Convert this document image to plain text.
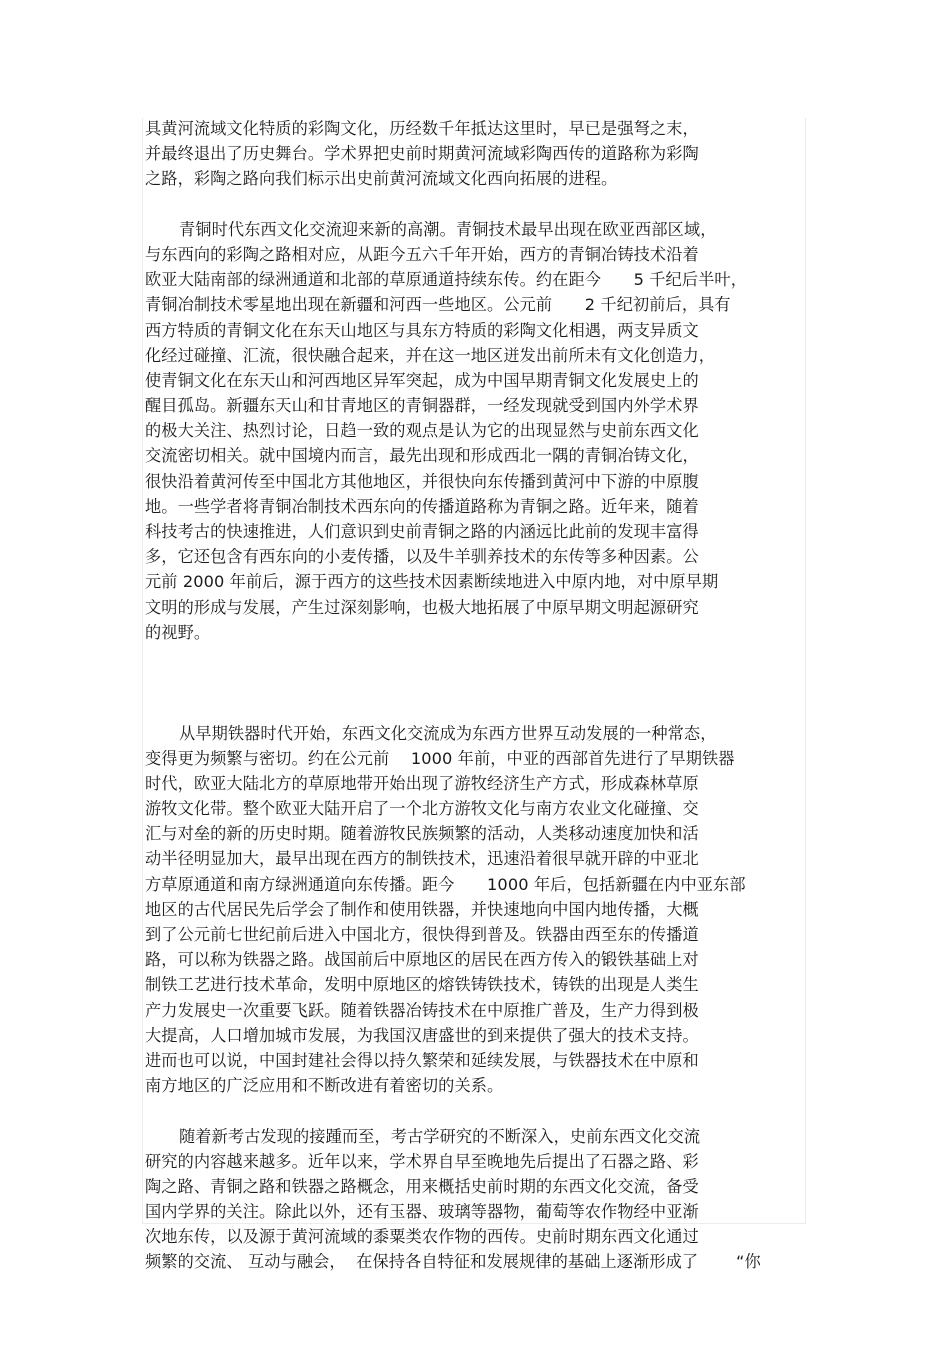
具黄河流域文化特质的彩陶文化，历经数千年抵达这里时，早已是强弩之末，
并最终退出了历史舞台。学术界把史前时期黄河流域彩陶西传的道路称为彩陶
之路，彩陶之路向我们标示出史前黄河流域文化西向拓展的进程。
青铜时代东西文化交流迎来新的高潮。青铜技术最早出现在欧亚西部区域，
与东西向的彩陶之路相对应，从距今五六千年开始，西方的青铜冶铸技术沿着
欧亚大陆南部的绿洲通道和北部的草原通道持续东传。约在距今　　5 千纪后半叶，
青铜冶制技术零星地出现在新疆和河西一些地区。公元前　　2 千纪初前后，具有
西方特质的青铜文化在东天山地区与具东方特质的彩陶文化相遇，两支异质文
化经过碰撞、汇流，很快融合起来，并在这一地区迸发出前所未有文化创造力，
使青铜文化在东天山和河西地区异军突起，成为中国早期青铜文化发展史上的
醒目孤岛。新疆东天山和甘青地区的青铜器群，一经发现就受到国内外学术界
的极大关注、热烈讨论，日趋一致的观点是认为它的出现显然与史前东西文化
交流密切相关。就中国境内而言，最先出现和形成西北一隅的青铜冶铸文化，
很快沿着黄河传至中国北方其他地区，并很快向东传播到黄河中下游的中原腹
地。一些学者将青铜冶制技术西东向的传播道路称为青铜之路。近年来，随着
科技考古的快速推进，人们意识到史前青铜之路的内涵远比此前的发现丰富得
多，它还包含有西东向的小麦传播，以及牛羊驯养技术的东传等多种因素。公
元前 2000 年前后，源于西方的这些技术因素断续地进入中原内地，对中原早期
文明的形成与发展，产生过深刻影响，也极大地拓展了中原早期文明起源研究
的视野。
从早期铁器时代开始，东西文化交流成为东西方世界互动发展的一种常态，
变得更为频繁与密切。约在公元前　 1000 年前，中亚的西部首先进行了早期铁器
时代，欧亚大陆北方的草原地带开始出现了游牧经济生产方式，形成森林草原
游牧文化带。整个欧亚大陆开启了一个北方游牧文化与南方农业文化碰撞、交
汇与对垒的新的历史时期。随着游牧民族频繁的活动，人类移动速度加快和活
动半径明显加大，最早出现在西方的制铁技术，迅速沿着很早就开辟的中亚北
方草原通道和南方绿洲通道向东传播。距今　　1000 年后，包括新疆在内中亚东部
地区的古代居民先后学会了制作和使用铁器，并快速地向中国内地传播，大概
到了公元前七世纪前后进入中国北方，很快得到普及。铁器由西至东的传播道
路，可以称为铁器之路。战国前后中原地区的居民在西方传入的锻铁基础上对
制铁工艺进行技术革命，发明中原地区的熔铁铸铁技术，铸铁的出现是人类生
产力发展史一次重要飞跃。随着铁器冶铸技术在中原推广普及，生产力得到极
大提高，人口增加城市发展，为我国汉唐盛世的到来提供了强大的技术支持。
进而也可以说，中国封建社会得以持久繁荣和延续发展，与铁器技术在中原和
南方地区的广泛应用和不断改进有着密切的关系。
随着新考古发现的接踵而至，考古学研究的不断深入，史前东西文化交流
研究的内容越来越多。近年以来，学术界自早至晚地先后提出了石器之路、彩
陶之路、青铜之路和铁器之路概念，用来概括史前时期的东西文化交流，备受
国内学界的关注。除此以外，还有玉器、玻璃等器物，葡萄等农作物经中亚渐
次地东传，以及源于黄河流域的黍粟类农作物的西传。史前时期东西文化通过
频繁的交流、 互动与融会，  在保持各自特征和发展规律的基础上逐渐形成了　　 “你
